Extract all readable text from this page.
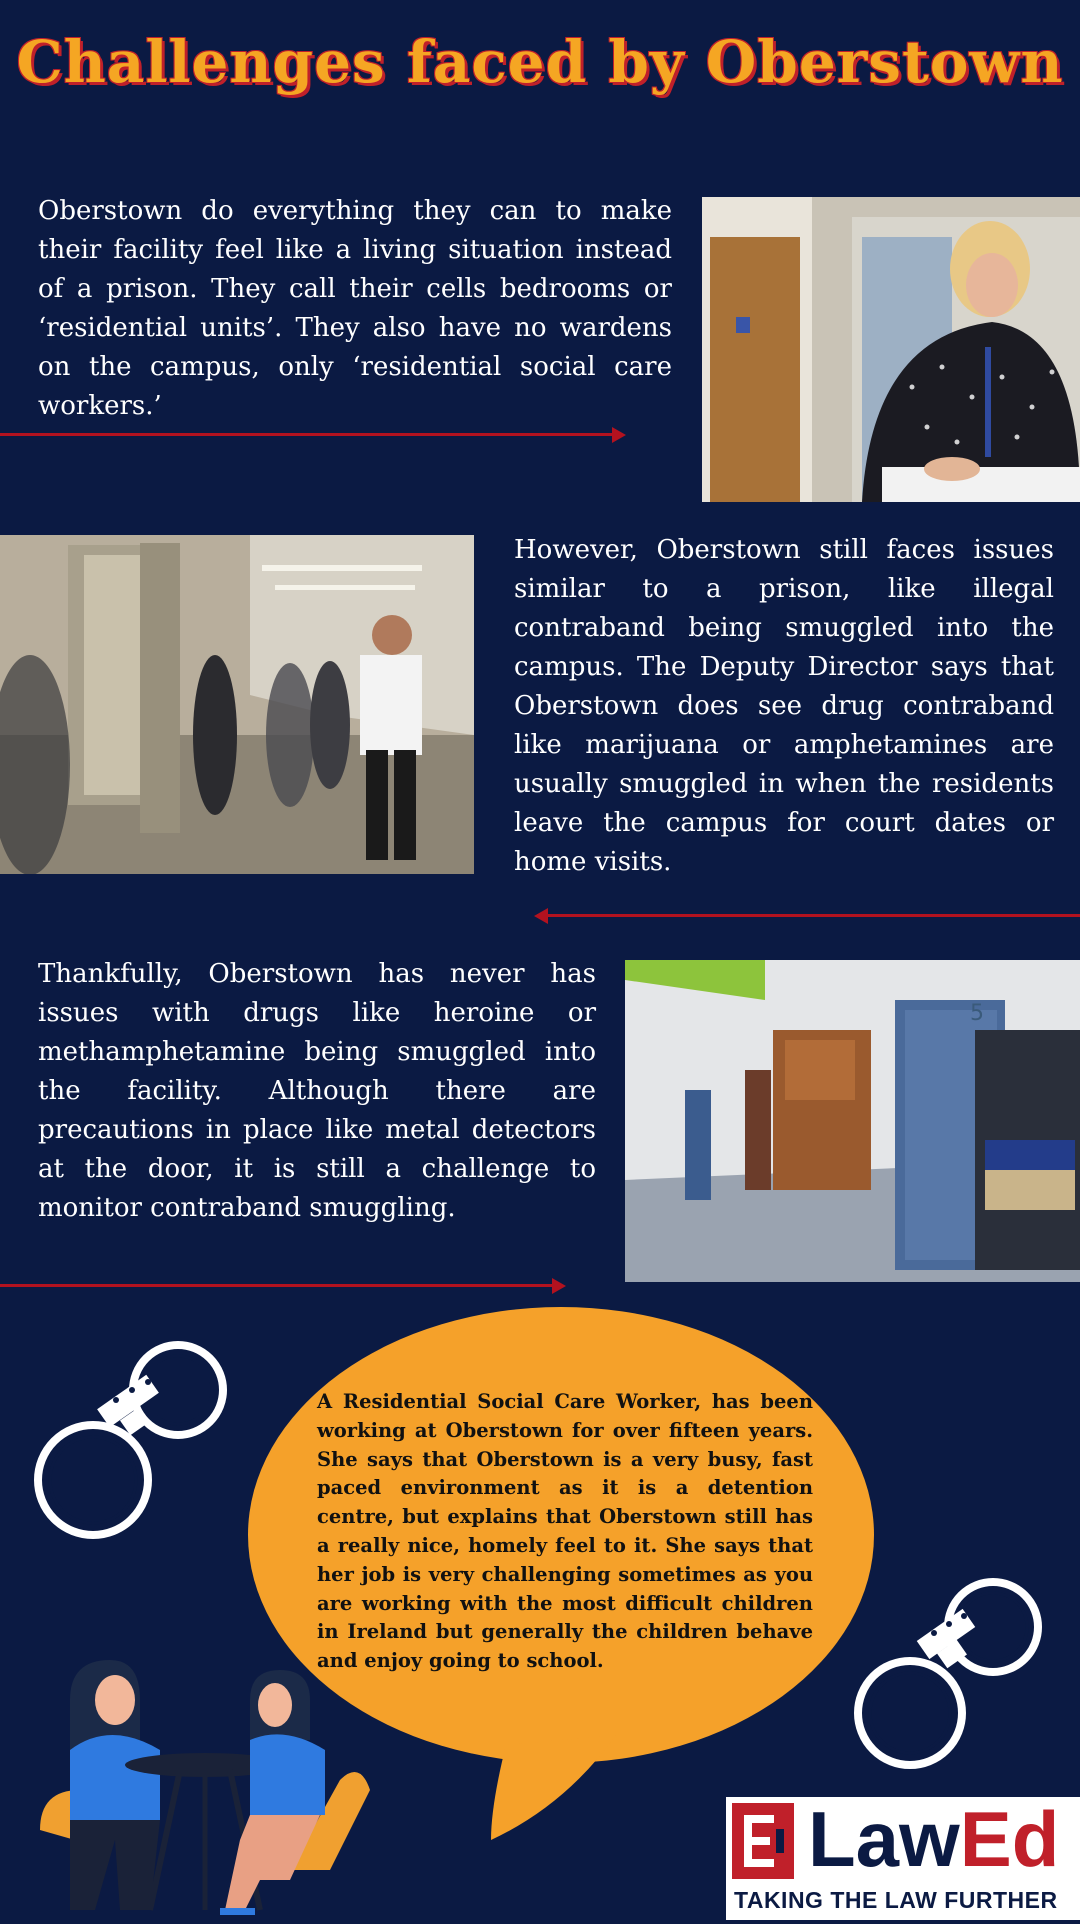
Challenges faced by Oberstown
Oberstown do everything they can to make their facility feel like a living situation instead of a prison. They call their cells bedrooms or ‘residential units’. They also have no wardens on the campus, only ‘residential social care workers.’
However, Oberstown still faces issues similar to a prison, like illegal contraband being smuggled into the campus. The Deputy Director says that Oberstown does see drug contraband like marijuana or amphetamines are usually smuggled in when the residents leave the campus for court dates or home visits.
Thankfully, Oberstown has never has issues with drugs like heroine or methamphetamine being smuggled into the facility. Although there are precautions in place like metal detectors at the door, it is still a challenge to monitor contraband smuggling.
5
A Residential Social Care Worker, has been working at Oberstown for over fifteen years. She says that Oberstown is a very busy, fast paced environment as it is a detention centre, but explains that Oberstown still has a really nice, homely feel to it. She says that her job is very challenging sometimes as you are working with the most difficult children in Ireland but generally the children behave and enjoy going to school.
LawEd
TAKING THE LAW FURTHER
